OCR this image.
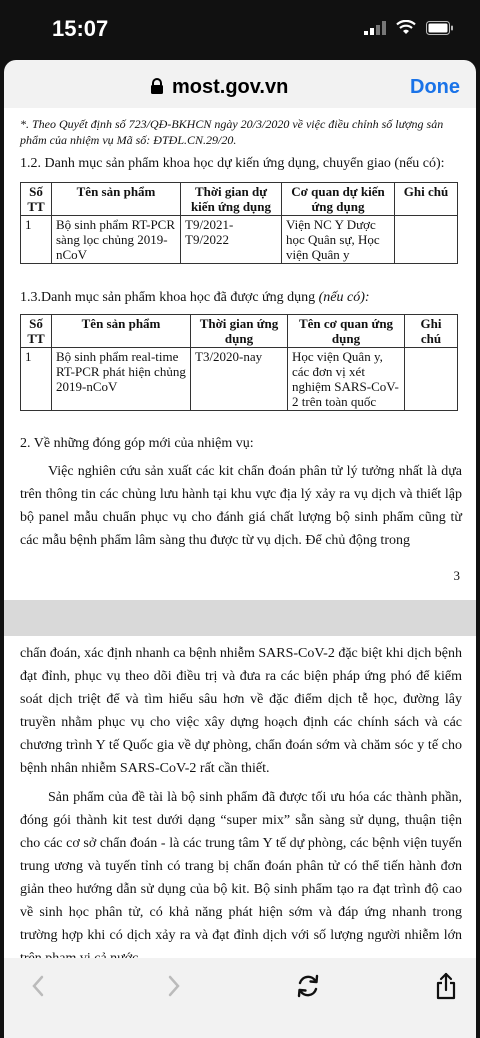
15:07
most.gov.vn	Done
*. Theo Quyết định số 723/QĐ-BKHCN ngày 20/3/2020 về việc điều chỉnh số lượng sản phẩm của nhiệm vụ Mã số: ĐTĐL.CN.29/20.
1.2. Danh mục sản phẩm khoa học dự kiến ứng dụng, chuyển giao (nếu có):
Số TT	Tên sản phẩm	Thời gian dự kiến ứng dụng	Cơ quan dự kiến ứng dụng	Ghi chú
1	Bộ sinh phẩm RT-PCR sàng lọc chủng 2019-nCoV	T9/2021-T9/2022	Viện NC Y Dược học Quân sự, Học viện Quân y	
1.3.Danh mục sản phẩm khoa học đã được ứng dụng (nếu có):
Số TT	Tên sản phẩm	Thời gian ứng dụng	Tên cơ quan ứng dụng	Ghi chú
1	Bộ sinh phẩm real-time RT-PCR phát hiện chủng 2019-nCoV	T3/2020-nay	Học viện Quân y, các đơn vị xét nghiệm SARS-CoV-2 trên toàn quốc	
2. Về những đóng góp mới của nhiệm vụ:
Việc nghiên cứu sản xuất các kit chẩn đoán phân tử lý tưởng nhất là dựa trên thông tin các chủng lưu hành tại khu vực địa lý xảy ra vụ dịch và thiết lập bộ panel mẫu chuẩn phục vụ cho đánh giá chất lượng bộ sinh phẩm cũng từ các mẫu bệnh phẩm lâm sàng thu được từ vụ dịch. Để chủ động trong
3
chẩn đoán, xác định nhanh ca bệnh nhiễm SARS-CoV-2 đặc biệt khi dịch bệnh đạt đỉnh, phục vụ theo dõi điều trị và đưa ra các biện pháp ứng phó để kiểm soát dịch triệt để và tìm hiểu sâu hơn về đặc điểm dịch tễ học, đường lây truyền nhằm phục vụ cho việc xây dựng hoạch định các chính sách và các chương trình Y tế Quốc gia về dự phòng, chẩn đoán sớm và chăm sóc y tế cho bệnh nhân nhiễm SARS-CoV-2 rất cần thiết.
Sản phẩm của đề tài là bộ sinh phẩm đã được tối ưu hóa các thành phần, đóng gói thành kit test dưới dạng “super mix” sẵn sàng sử dụng, thuận tiện cho các cơ sở chẩn đoán - là các trung tâm Y tế dự phòng, các bệnh viện tuyến trung ương và tuyến tỉnh có trang bị chẩn đoán phân tử có thể tiến hành đơn giản theo hướng dẫn sử dụng của bộ kit. Bộ sinh phẩm tạo ra đạt trình độ cao về sinh học phân tử, có khả năng phát hiện sớm và đáp ứng nhanh trong trường hợp khi có dịch xảy ra và đạt đỉnh dịch với số lượng người nhiễm lớn
